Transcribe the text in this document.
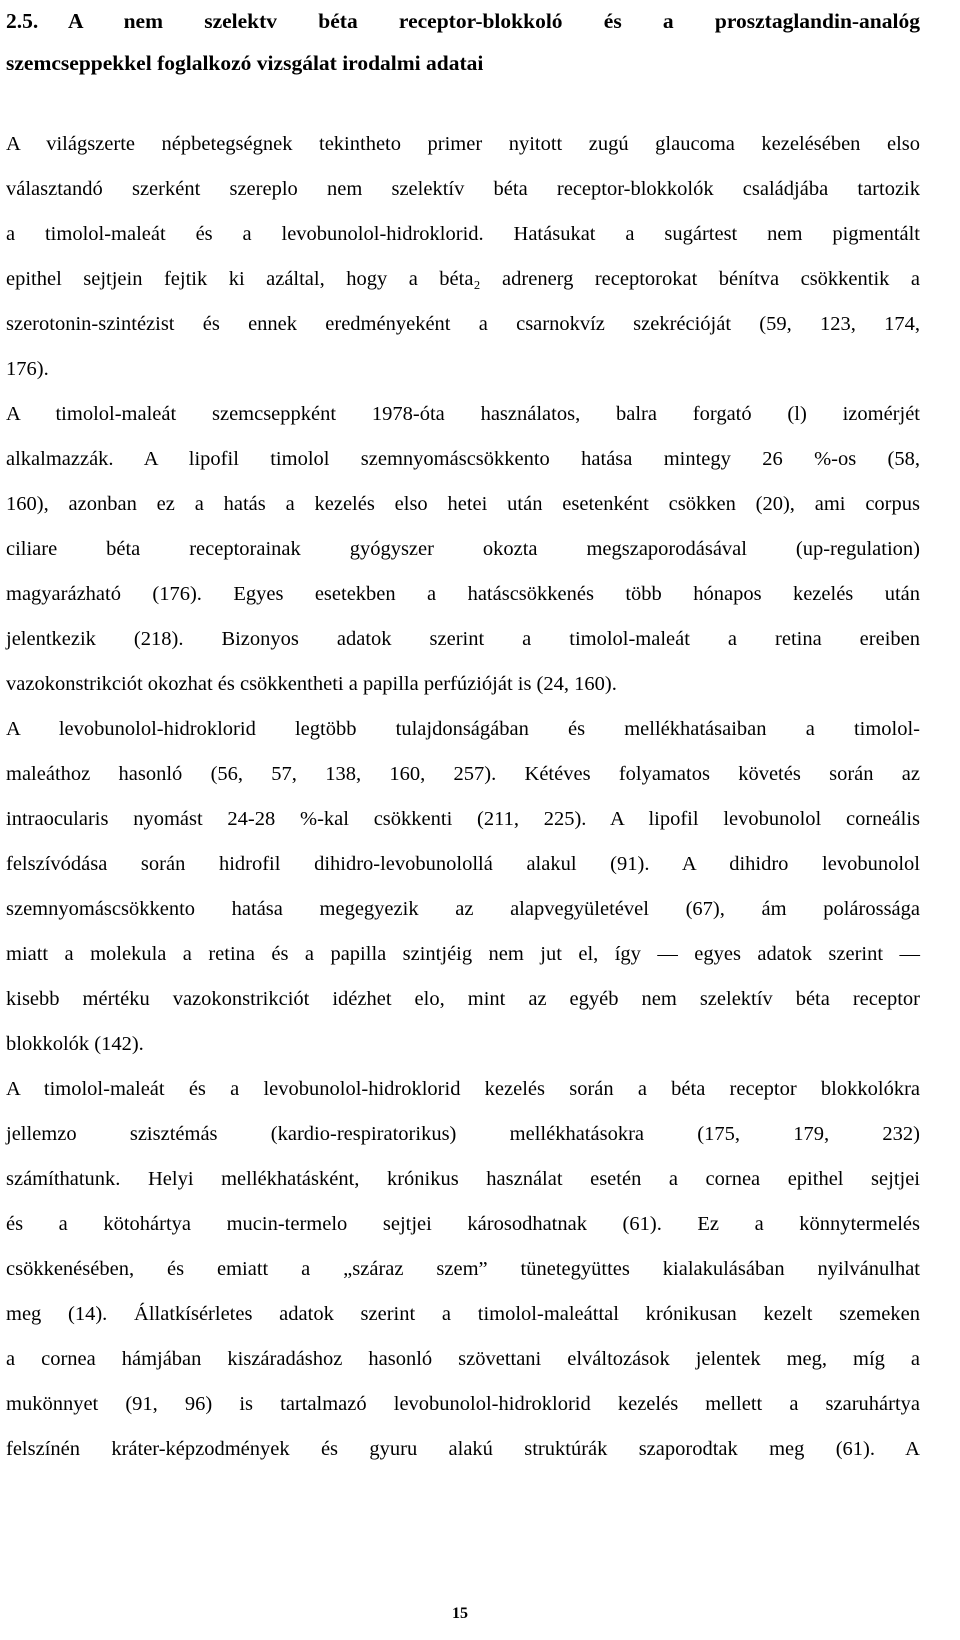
2.5. A nem szelektv béta receptor-blokkoló és a prosztaglandin-analóg
szemcseppekkel foglalkozó vizsgálat irodalmi adatai
A világszerte népbetegségnek tekintheto primer nyitott zugú glaucoma kezelésében elso
választandó szerként szereplo nem szelektív béta receptor-blokkolók családjába tartozik
a timolol-maleát és a levobunolol-hidroklorid. Hatásukat a sugártest nem pigmentált
epithel sejtjein fejtik ki azáltal, hogy a béta₂ adrenerg receptorokat bénítva csökkentik a
szerotonin-szintézist és ennek eredményeként a csarnokvíz szekrécióját (59, 123, 174,
176).
A timolol-maleát szemcseppként 1978-óta használatos, balra forgató (l) izomérjét
alkalmazzák. A lipofil timolol szemnyomáscsökkento hatása mintegy 26 %-os (58,
160), azonban ez a hatás a kezelés elso hetei után esetenként csökken (20), ami corpus
ciliare béta receptorainak gyógyszer okozta megszaporodásával (up-regulation)
magyarázható (176). Egyes esetekben a hatáscsökkenés több hónapos kezelés után
jelentkezik (218). Bizonyos adatok szerint a timolol-maleát a retina ereiben
vazokonstrikciót okozhat és csökkentheti a papilla perfúzióját is (24, 160).
A levobunolol-hidroklorid legtöbb tulajdonságában és mellékhatásaiban a timolol-
maleáthoz hasonló (56, 57, 138, 160, 257). Kétéves folyamatos követés során az
intraocularis nyomást 24-28 %-kal csökkenti (211, 225). A lipofil levobunolol corneális
felszívódása során hidrofil dihidro-levobunolollá alakul (91). A dihidro levobunolol
szemnyomáscsökkento hatása megegyezik az alapvegyületével (67), ám polárossága
miatt a molekula a retina és a papilla szintjéig nem jut el, így — egyes adatok szerint —
kisebb mértéku vazokonstrikciót idézhet elo, mint az egyéb nem szelektív béta receptor
blokkolók (142).
A timolol-maleát és a levobunolol-hidroklorid kezelés során a béta receptor blokkolókra
jellemzo szisztémás (kardio-respiratorikus) mellékhatásokra (175, 179, 232)
számíthatunk. Helyi mellékhatásként, krónikus használat esetén a cornea epithel sejtjei
és a kötohártya mucin-termelo sejtjei károsodhatnak (61). Ez a könnytermelés
csökkenésében, és emiatt a „száraz szem” tünetegyüttes kialakulásában nyilvánulhat
meg (14). Állatkísérletes adatok szerint a timolol-maleáttal krónikusan kezelt szemeken
a cornea hámjában kiszáradáshoz hasonló szövettani elváltozások jelentek meg, míg a
mukönnyet (91, 96) is tartalmazó levobunolol-hidroklorid kezelés mellett a szaruhártya
felszínén kráter-képzodmények és gyuru alakú struktúrák szaporodtak meg (61). A
15
